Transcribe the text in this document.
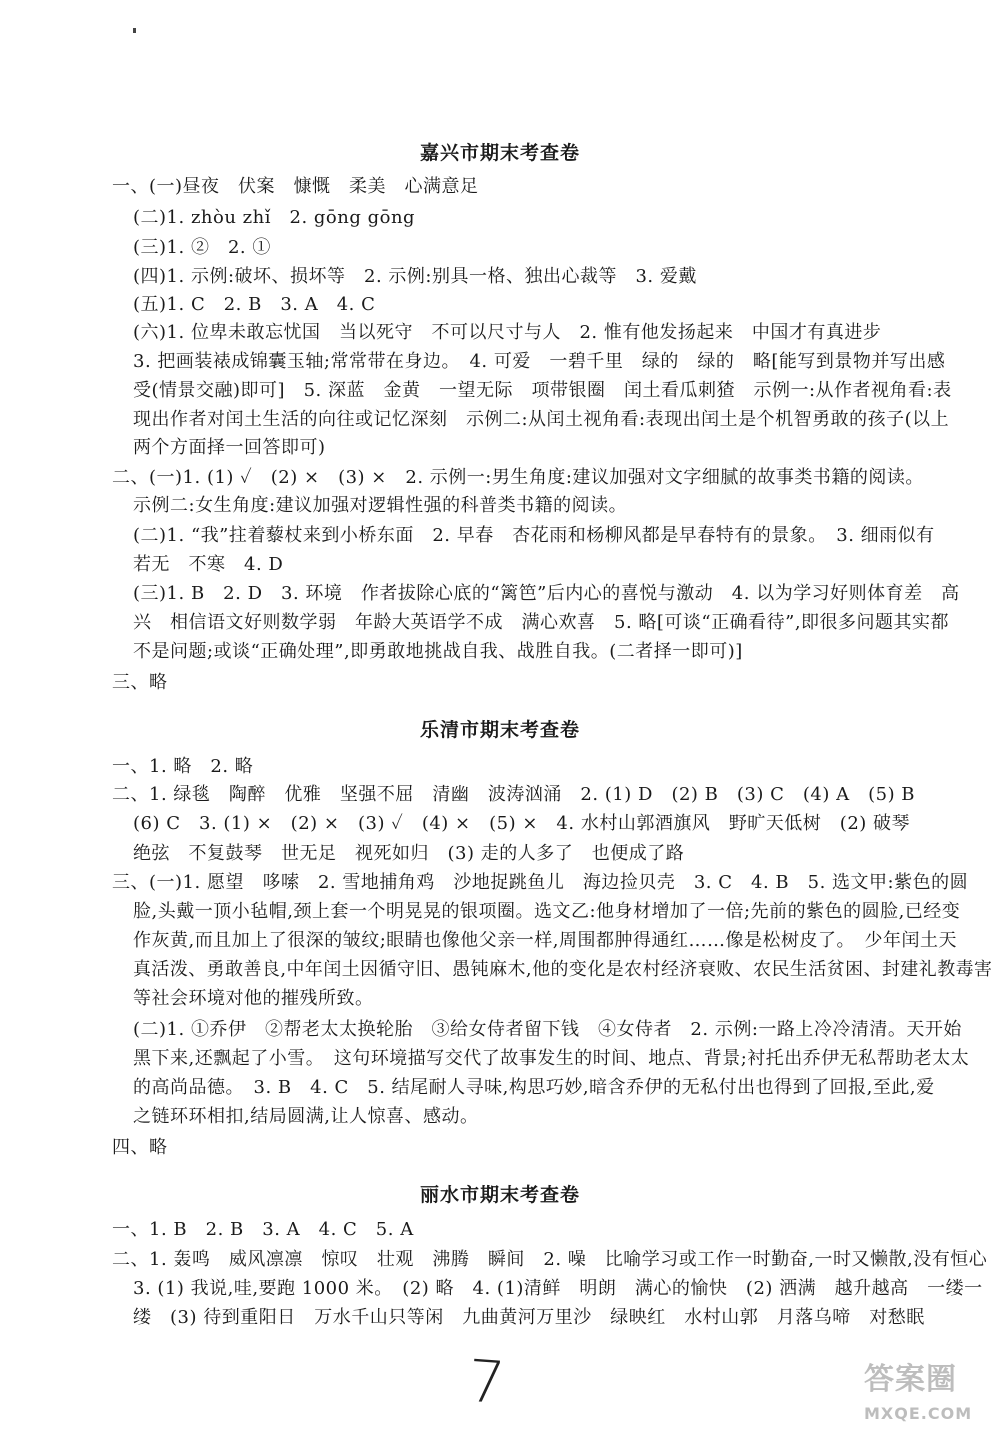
嘉兴市期末考查卷
一、(一)昼夜　伏案　慷慨　柔美　心满意足
(二)1. zhòu zhǐ　2. gōng gōng
(三)1. ②　2. ①
(四)1. 示例:破坏、损坏等　2. 示例:别具一格、独出心裁等　3. 爱戴
(五)1. C　2. B　3. A　4. C
(六)1. 位卑未敢忘忧国　当以死守　不可以尺寸与人　2. 惟有他发扬起来　中国才有真进步
3. 把画装裱成锦囊玉轴;常常带在身边。　4. 可爱　一碧千里　绿的　绿的　略[能写到景物并写出感
受(情景交融)即可]　5. 深蓝　金黄　一望无际　项带银圈　闰土看瓜刺猹　示例一:从作者视角看:表
现出作者对闰土生活的向往或记忆深刻　示例二:从闰土视角看:表现出闰土是个机智勇敢的孩子(以上
两个方面择一回答即可)
二、(一)1. (1) ✓　(2) ×　(3) ×　2. 示例一:男生角度:建议加强对文字细腻的故事类书籍的阅读。
示例二:女生角度:建议加强对逻辑性强的科普类书籍的阅读。
(二)1. “我”拄着藜杖来到小桥东面　2. 早春　杏花雨和杨柳风都是早春特有的景象。　3. 细雨似有
若无　不寒　4. D
(三)1. B　2. D　3. 环境　作者拔除心底的“篱笆”后内心的喜悦与激动　4. 以为学习好则体育差　高
兴　相信语文好则数学弱　年龄大英语学不成　满心欢喜　5. 略[可谈“正确看待”,即很多问题其实都
不是问题;或谈“正确处理”,即勇敢地挑战自我、战胜自我。(二者择一即可)]
三、略
乐清市期末考查卷
一、1. 略　2. 略
二、1. 绿毯　陶醉　优雅　坚强不屈　清幽　波涛汹涌　2. (1) D　(2) B　(3) C　(4) A　(5) B
(6) C　3. (1) ×　(2) ×　(3) ✓　(4) ×　(5) ×　4. 水村山郭酒旗风　野旷天低树　(2) 破琴
绝弦　不复鼓琴　世无足　视死如归　(3) 走的人多了　也便成了路
三、(一)1. 愿望　哆嗦　2. 雪地捕角鸡　沙地捉跳鱼儿　海边捡贝壳　3. C　4. B　5. 选文甲:紫色的圆
脸,头戴一顶小毡帽,颈上套一个明晃晃的银项圈。选文乙:他身材增加了一倍;先前的紫色的圆脸,已经变
作灰黄,而且加上了很深的皱纹;眼睛也像他父亲一样,周围都肿得通红……像是松树皮了。　少年闰土天
真活泼、勇敢善良,中年闰土因循守旧、愚钝麻木,他的变化是农村经济衰败、农民生活贫困、封建礼教毒害
等社会环境对他的摧残所致。
(二)1. ①乔伊　②帮老太太换轮胎　③给女侍者留下钱　④女侍者　2. 示例:一路上冷冷清清。天开始
黑下来,还飘起了小雪。　这句环境描写交代了故事发生的时间、地点、背景;衬托出乔伊无私帮助老太太
的高尚品德。　3. B　4. C　5. 结尾耐人寻味,构思巧妙,暗含乔伊的无私付出也得到了回报,至此,爱
之链环环相扣,结局圆满,让人惊喜、感动。
四、略
丽水市期末考查卷
一、1. B　2. B　3. A　4. C　5. A
二、1. 轰鸣　威风凛凛　惊叹　壮观　沸腾　瞬间　2. 噪　比喻学习或工作一时勤奋,一时又懒散,没有恒心
3. (1) 我说,哇,要跑 1000 米。　(2) 略　4. (1)清鲜　明朗　满心的愉快　(2) 洒满　越升越高　一缕一
缕　(3) 待到重阳日　万水千山只等闲　九曲黄河万里沙　绿映红　水村山郭　月落乌啼　对愁眠
7	答案圈
MXQE.COM
